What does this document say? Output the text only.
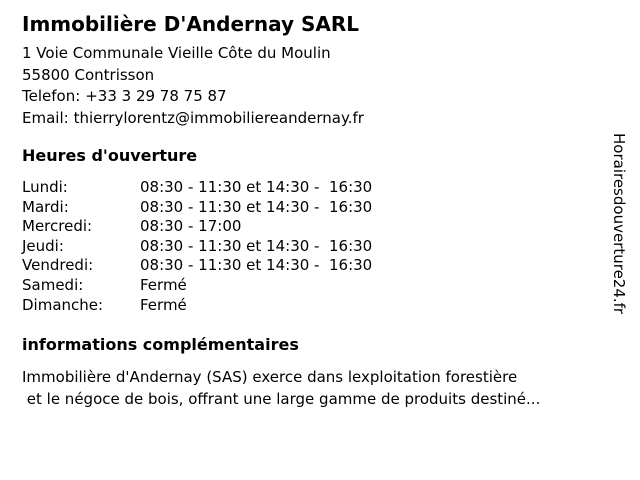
Immobilière D'Andernay SARL
1 Voie Communale Vieille Côte du Moulin
55800 Contrisson
Telefon: +33 3 29 78 75 87
Email: thierrylorentz@immobiliereandernay.fr
Heures d'ouverture
Lundi:	08:30 - 11:30 et 14:30 -  16:30
Mardi:	08:30 - 11:30 et 14:30 -  16:30
Mercredi:	08:30 - 17:00
Jeudi:	08:30 - 11:30 et 14:30 -  16:30
Vendredi:	08:30 - 11:30 et 14:30 -  16:30
Samedi:	Fermé
Dimanche:	Fermé
informations complémentaires
Immobilière d'Andernay (SAS) exerce dans lexploitation forestière
et le négoce de bois, offrant une large gamme de produits destiné...
Horairesdouverture24.fr
